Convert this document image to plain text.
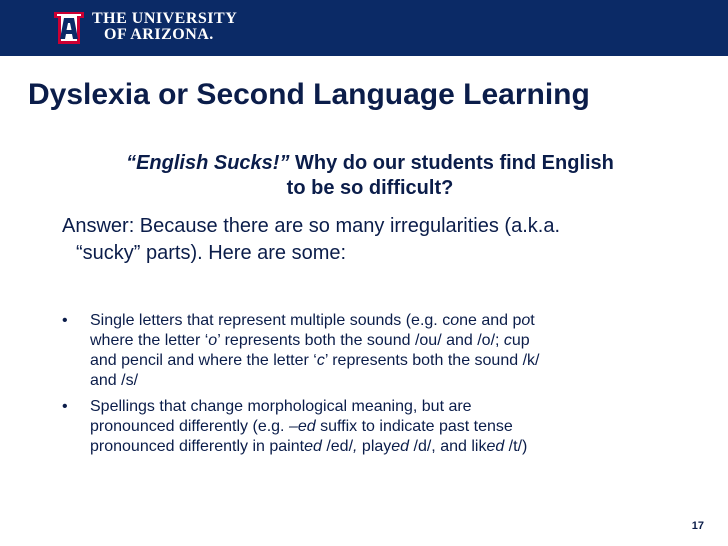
THE UNIVERSITY
OF ARIZONA.
Dyslexia or Second Language Learning
“English Sucks!” Why do our students find English
to be so difficult?
Answer: Because there are so many irregularities (a.k.a.
“sucky” parts). Here are some:
• Single letters that represent multiple sounds (e.g. cone and pot
where the letter ‘o’ represents both the sound /ou/ and /o/; cup
and pencil and where the letter ‘c’ represents both the sound /k/
and /s/
• Spellings that change morphological meaning, but are
pronounced differently (e.g. –ed suffix to indicate past tense
pronounced differently in painted /ed/, played /d/, and liked /t/)
17
